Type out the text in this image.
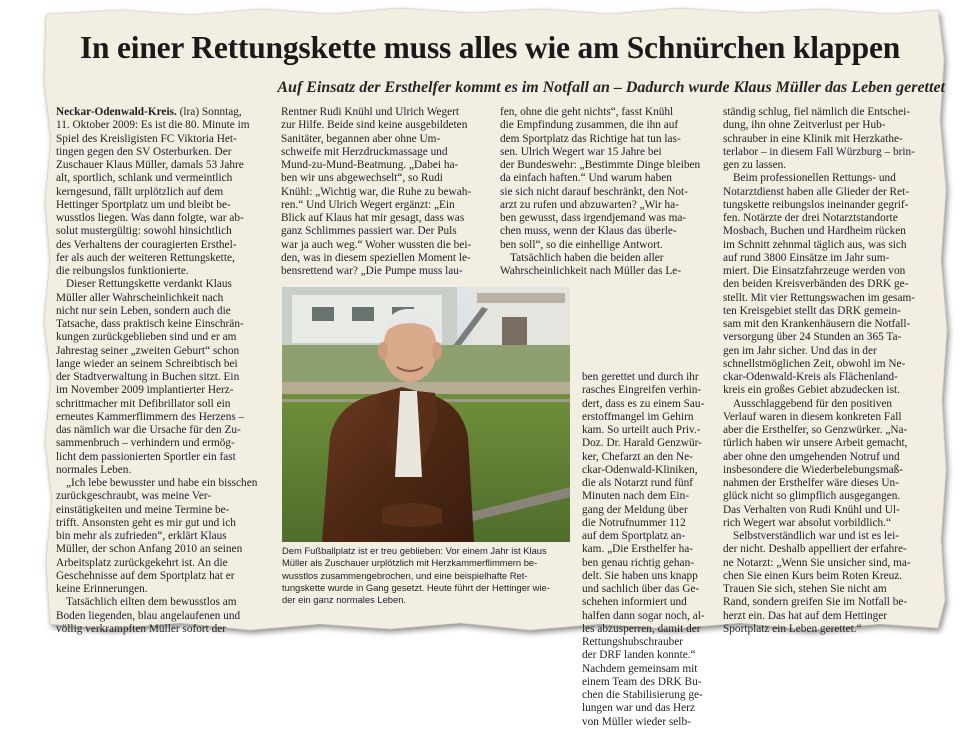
In einer Rettungskette muss alles wie am Schnürchen klappen
Auf Einsatz der Ersthelfer kommt es im Notfall an – Dadurch wurde Klaus Müller das Leben gerettet
Neckar-Odenwald-Kreis. (lra) Sonntag,
11. Oktober 2009: Es ist die 80. Minute im
Spiel des Kreisligisten FC Viktoria Het-
tingen gegen den SV Osterburken. Der
Zuschauer Klaus Müller, damals 53 Jahre
alt, sportlich, schlank und vermeintlich
kerngesund, fällt urplötzlich auf dem
Hettinger Sportplatz um und bleibt be-
wusstlos liegen. Was dann folgte, war ab-
solut mustergültig: sowohl hinsichtlich
des Verhaltens der couragierten Ersthel-
fer als auch der weiteren Rettungskette,
die reibungslos funktionierte.
Dieser Rettungskette verdankt Klaus
Müller aller Wahrscheinlichkeit nach
nicht nur sein Leben, sondern auch die
Tatsache, dass praktisch keine Einschrän-
kungen zurückgeblieben sind und er am
Jahrestag seiner „zweiten Geburt“ schon
lange wieder an seinem Schreibtisch bei
der Stadtverwaltung in Buchen sitzt. Ein
im November 2009 implantierter Herz-
schrittmacher mit Defibrillator soll ein
erneutes Kammerflimmern des Herzens –
das nämlich war die Ursache für den Zu-
sammenbruch – verhindern und ermög-
licht dem passionierten Sportler ein fast
normales Leben.
„Ich lebe bewusster und habe ein bisschen
zurückgeschraubt, was meine Ver-
einstätigkeiten und meine Termine be-
trifft. Ansonsten geht es mir gut und ich
bin mehr als zufrieden“, erklärt Klaus
Müller, der schon Anfang 2010 an seinen
Arbeitsplatz zurückgekehrt ist. An die
Geschehnisse auf dem Sportplatz hat er
keine Erinnerungen.
Tatsächlich eilten dem bewusstlos am
Boden liegenden, blau angelaufenen und
völlig verkrampften Müller sofort der
Rentner Rudi Knühl und Ulrich Wegert
zur Hilfe. Beide sind keine ausgebildeten
Sanitäter, begannen aber ohne Um-
schweife mit Herzdruckmassage und
Mund-zu-Mund-Beatmung. „Dabei ha-
ben wir uns abgewechselt“, so Rudi
Knühl: „Wichtig war, die Ruhe zu bewah-
ren.“ Und Ulrich Wegert ergänzt: „Ein
Blick auf Klaus hat mir gesagt, dass was
ganz Schlimmes passiert war. Der Puls
war ja auch weg.“ Woher wussten die bei-
den, was in diesem speziellen Moment le-
bensrettend war? „Die Pumpe muss lau-
fen, ohne die geht nichts“, fasst Knühl
die Empfindung zusammen, die ihn auf
dem Sportplatz das Richtige hat tun las-
sen. Ulrich Wegert war 15 Jahre bei
der Bundeswehr: „Bestimmte Dinge bleiben
da einfach haften.“ Und warum haben
sie sich nicht darauf beschränkt, den Not-
arzt zu rufen und abzuwarten? „Wir ha-
ben gewusst, dass irgendjemand was ma-
chen muss, wenn der Klaus das überle-
ben soll“, so die einhellige Antwort.
Tatsächlich haben die beiden aller
Wahrscheinlichkeit nach Müller das Le-
ben gerettet und durch ihr
rasches Eingreifen verhin-
dert, dass es zu einem Sau-
erstoffmangel im Gehirn
kam. So urteilt auch Priv.-
Doz. Dr. Harald Genzwür-
ker, Chefarzt an den Ne-
ckar-Odenwald-Kliniken,
die als Notarzt rund fünf
Minuten nach dem Ein-
gang der Meldung über
die Notrufnummer 112
auf dem Sportplatz an-
kam. „Die Ersthelfer ha-
ben genau richtig gehan-
delt. Sie haben uns knapp
und sachlich über das Ge-
schehen informiert und
halfen dann sogar noch, al-
les abzusperren, damit der
Rettungshubschrauber
der DRF landen konnte.“
Nachdem gemeinsam mit
einem Team des DRK Bu-
chen die Stabilisierung ge-
lungen war und das Herz
von Müller wieder selb-
ständig schlug, fiel nämlich die Entschei-
dung, ihn ohne Zeitverlust per Hub-
schrauber in eine Klinik mit Herzkathe-
terlabor – in diesem Fall Würzburg – brin-
gen zu lassen.
Beim professionellen Rettungs- und
Notarztdienst haben alle Glieder der Ret-
tungskette reibungslos ineinander gegrif-
fen. Notärzte der drei Notarztstandorte
Mosbach, Buchen und Hardheim rücken
im Schnitt zehnmal täglich aus, was sich
auf rund 3800 Einsätze im Jahr sum-
miert. Die Einsatzfahrzeuge werden von
den beiden Kreisverbänden des DRK ge-
stellt. Mit vier Rettungswachen im gesam-
ten Kreisgebiet stellt das DRK gemein-
sam mit den Krankenhäusern die Notfall-
versorgung über 24 Stunden an 365 Ta-
gen im Jahr sicher. Und das in der
schnellstmöglichen Zeit, obwohl im Ne-
ckar-Odenwald-Kreis als Flächenland-
kreis ein großes Gebiet abzudecken ist.
Ausschlaggebend für den positiven
Verlauf waren in diesem konkreten Fall
aber die Ersthelfer, so Genzwürker. „Na-
türlich haben wir unsere Arbeit gemacht,
aber ohne den umgehenden Notruf und
insbesondere die Wiederbelebungsmaß-
nahmen der Ersthelfer wäre dieses Un-
glück nicht so glimpflich ausgegangen.
Das Verhalten von Rudi Knühl und Ul-
rich Wegert war absolut vorbildlich.“
Selbstverständlich war und ist es lei-
der nicht. Deshalb appelliert der erfahre-
ne Notarzt: „Wenn Sie unsicher sind, ma-
chen Sie einen Kurs beim Roten Kreuz.
Trauen Sie sich, stehen Sie nicht am
Rand, sondern greifen Sie im Notfall be-
herzt ein. Das hat auf dem Hettinger
Sportplatz ein Leben gerettet.“
Dem Fußballplatz ist er treu geblieben: Vor einem Jahr ist Klaus
Müller als Zuschauer urplötzlich mit Herzkammerflimmern be-
wusstlos zusammengebrochen, und eine beispielhafte Ret-
tungskette wurde in Gang gesetzt. Heute führt der Hettinger wie-
der ein ganz normales Leben.
